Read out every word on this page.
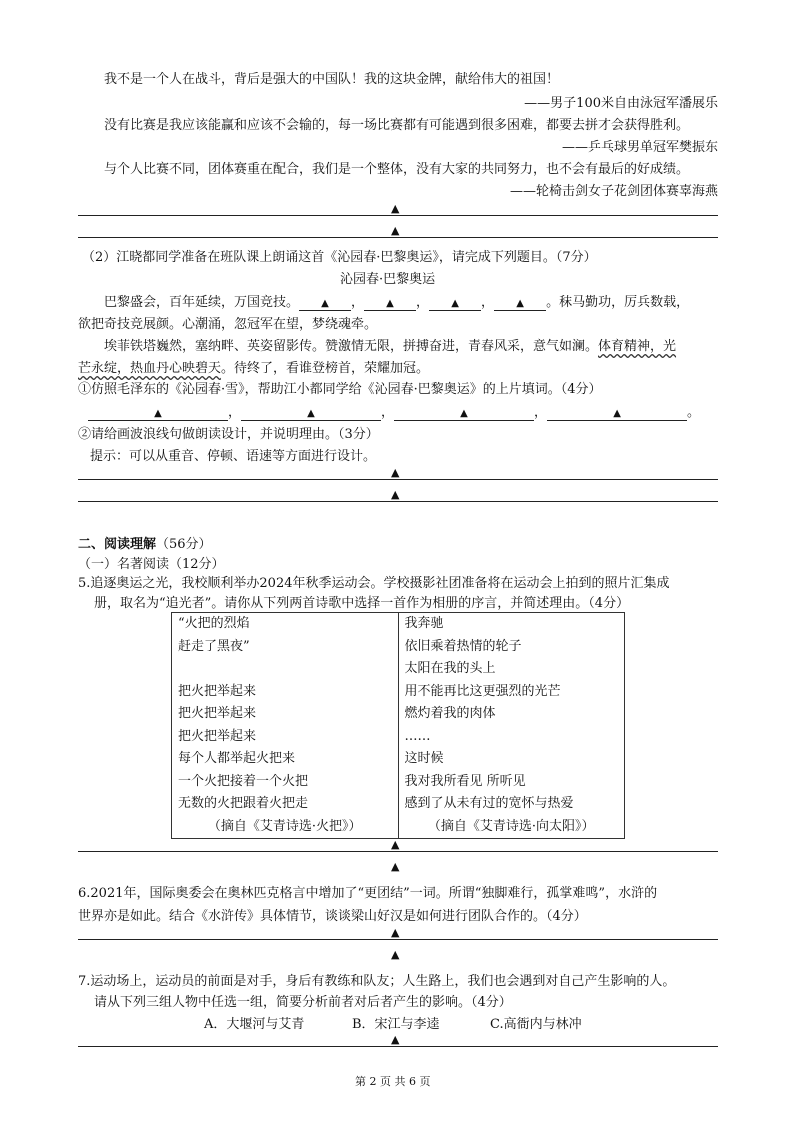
我不是一个人在战斗，背后是强大的中国队！我的这块金牌，献给伟大的祖国！
——男子100米自由泳冠军潘展乐
没有比赛是我应该能赢和应该不会输的，每一场比赛都有可能遇到很多困难，都要去拼才会获得胜利。
——乒乓球男单冠军樊振东
与个人比赛不同，团体赛重在配合，我们是一个整体，没有大家的共同努力，也不会有最后的好成绩。
——轮椅击剑女子花剑团体赛辜海燕
▲
▲
（2）江晓都同学准备在班队课上朗诵这首《沁园春·巴黎奥运》，请完成下列题目。（7分）
沁园春·巴黎奥运
巴黎盛会，百年延续，万国竞技。 ▲ ， ▲ ， ▲ ， ▲ 。秣马勤功，厉兵数载，
欲把奇技竞展颜。心潮涌，忽冠军在望，梦绕魂牵。
埃菲铁塔巍然，塞纳畔、英姿留影传。赞激情无限，拼搏奋进，青春风采，意气如澜。体育精神，光
芒永绽，热血丹心映碧天。待终了，看谁登榜首，荣耀加冠。
①仿照毛泽东的《沁园春·雪》，帮助江小都同学给《沁园春·巴黎奥运》的上片填词。（4分）
▲	，	▲	，	▲	，	▲	。
②请给画波浪线句做朗读设计，并说明理由。（3分）
提示：可以从重音、停顿、语速等方面进行设计。
▲
▲
二、阅读理解（56分）
（一）名著阅读（12分）
5.追逐奥运之光，我校顺利举办2024年秋季运动会。学校摄影社团准备将在运动会上拍到的照片汇集成
册，取名为“追光者”。请你从下列两首诗歌中选择一首作为相册的序言，并简述理由。（4分）
“火把的烈焰
赶走了黑夜”
把火把举起来
把火把举起来
把火把举起来
每个人都举起火把来
一个火把接着一个火把
无数的火把跟着火把走
（摘自《艾青诗选·火把》）

我奔驰
依旧乘着热情的轮子
太阳在我的头上
用不能再比这更强烈的光芒
燃灼着我的肉体
……
这时候
我对我所看见 所听见
感到了从未有过的宽怀与热爱
（摘自《艾青诗选·向太阳》）
▲
▲
6.2021年，国际奥委会在奥林匹克格言中增加了“更团结”一词。所谓“独脚难行，孤掌难鸣”，水浒的
世界亦是如此。结合《水浒传》具体情节，谈谈梁山好汉是如何进行团队合作的。（4分）
▲
▲
7.运动场上，运动员的前面是对手，身后有教练和队友；人生路上，我们也会遇到对自己产生影响的人。
请从下列三组人物中任选一组，简要分析前者对后者产生的影响。（4分）
A．大堰河与艾青	B．宋江与李逵	C.高衙内与林冲
▲
第 2 页 共 6 页
